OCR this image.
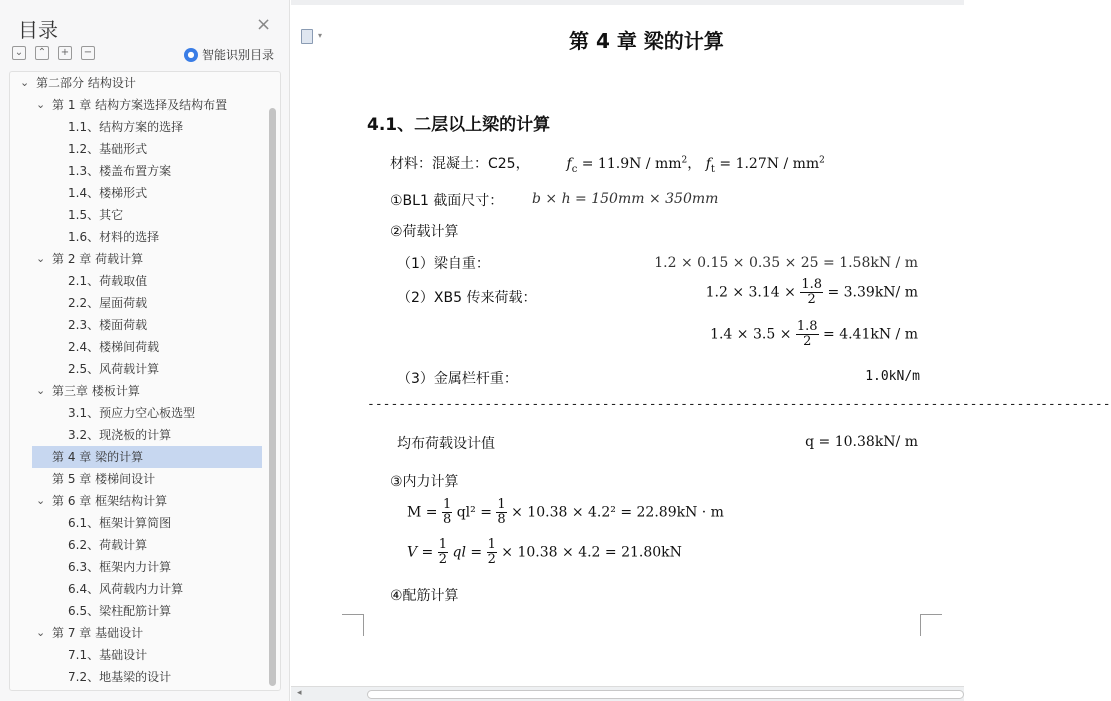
目录	×
⌄ ⌃ + −	● 智能识别目录
⌄ 第二部分 结构设计
⌄ 第 1 章 结构方案选择及结构布置
1.1、结构方案的选择
1.2、基础形式
1.3、楼盖布置方案
1.4、楼梯形式
1.5、其它
1.6、材料的选择
⌄ 第 2 章 荷载计算
2.1、荷载取值
2.2、屋面荷载
2.3、楼面荷载
2.4、楼梯间荷载
2.5、风荷载计算
⌄ 第三章 楼板计算
3.1、预应力空心板选型
3.2、现浇板的计算
第 4 章 梁的计算
第 5 章 楼梯间设计
⌄ 第 6 章 框架结构计算
6.1、框架计算简图
6.2、荷载计算
6.3、框架内力计算
6.4、风荷载内力计算
6.5、梁柱配筋计算
⌄ 第 7 章 基础设计
7.1、基础设计
7.2、地基梁的设计
▾	第 4 章 梁的计算
4.1、二层以上梁的计算
材料：混凝土：C25，	$f_c = 11.9N / mm^2$， $f_t = 1.27N / mm^2$
①BL1 截面尺寸： b × h = 150mm × 350mm
②荷载计算
（1）梁自重：	1.2 × 0.15 × 0.35 × 25 = 1.58kN / m
（2）XB5 传来荷载：	$1.2 \times 3.14 \times \frac{1.8}{2} = 3.39kN/$ m
$1.4 \times 3.5 \times \frac{1.8}{2} = 4.41kN / m$
（3）金属栏杆重：	1.0kN/m
-----------------------------------------------------------------------------------------------
均布荷载设计值	q = 10.38kN/ m
③内力计算
$M = \frac{1}{8} ql^2 = \frac{1}{8} \times 10.38 \times 4.2^2 = 22.89kN \cdot m$
$V = \frac{1}{2}$ ql = $\frac{1}{2} \times 10.38 \times 4.2 = 21.80kN$
④配筋计算
◂
